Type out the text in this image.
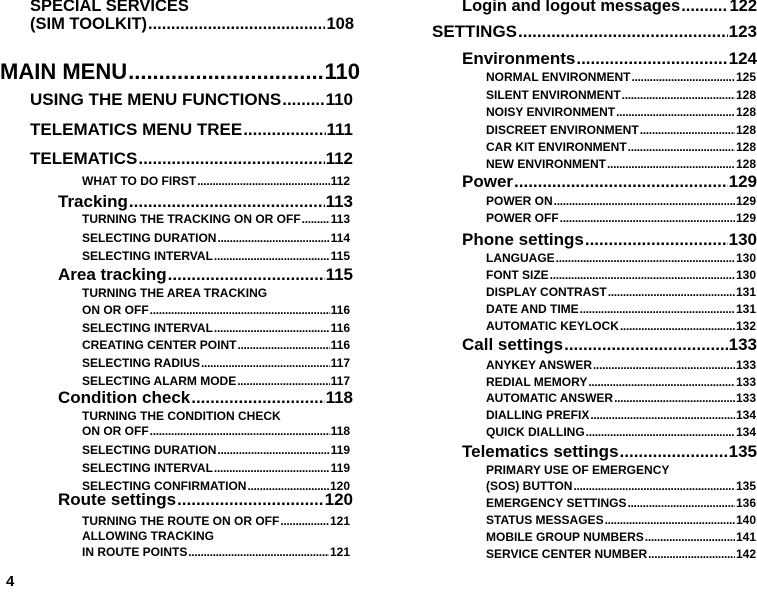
SPECIAL SERVICES
(SIM TOOLKIT) .....	108
MAIN MENU .....	110
USING THE MENU FUNCTIONS .....	110
TELEMATICS MENU TREE .....	111
TELEMATICS .....	112
WHAT TO DO FIRST .....	112
Tracking .....	113
TURNING THE TRACKING ON OR OFF ..... 113
SELECTING DURATION .....	114
SELECTING INTERVAL .....	115
Area tracking .....	115
TURNING THE AREA TRACKING
ON OR OFF .....	116
SELECTING INTERVAL .....	116
CREATING CENTER POINT .....	116
SELECTING RADIUS .....	117
SELECTING ALARM MODE .....	117
Condition check .....	118
TURNING THE CONDITION CHECK
ON OR OFF .....	118
SELECTING DURATION .....	119
SELECTING INTERVAL .....	119
SELECTING CONFIRMATION .....	120
Route settings .....	120
TURNING THE ROUTE ON OR OFF .....	121
ALLOWING TRACKING
IN ROUTE POINTS .....	121
Login and logout messages .....	122
SETTINGS .....	123
Environments .....	124
NORMAL ENVIRONMENT .....	125
SILENT ENVIRONMENT .....	128
NOISY ENVIRONMENT .....	128
DISCREET ENVIRONMENT .....	128
CAR KIT ENVIRONMENT .....	128
NEW ENVIRONMENT .....	128
Power .....	129
POWER ON .....	129
POWER OFF .....	129
Phone settings .....	130
LANGUAGE .....	130
FONT SIZE .....	130
DISPLAY CONTRAST .....	131
DATE AND TIME .....	131
AUTOMATIC KEYLOCK .....	132
Call settings .....	133
ANYKEY ANSWER .....	133
REDIAL MEMORY .....	133
AUTOMATIC ANSWER .....	133
DIALLING PREFIX .....	134
QUICK DIALLING .....	134
Telematics settings .....	135
PRIMARY USE OF EMERGENCY
(SOS) BUTTON .....	135
EMERGENCY SETTINGS .....	136
STATUS MESSAGES .....	140
MOBILE GROUP NUMBERS .....	141
SERVICE CENTER NUMBER .....	142
4
